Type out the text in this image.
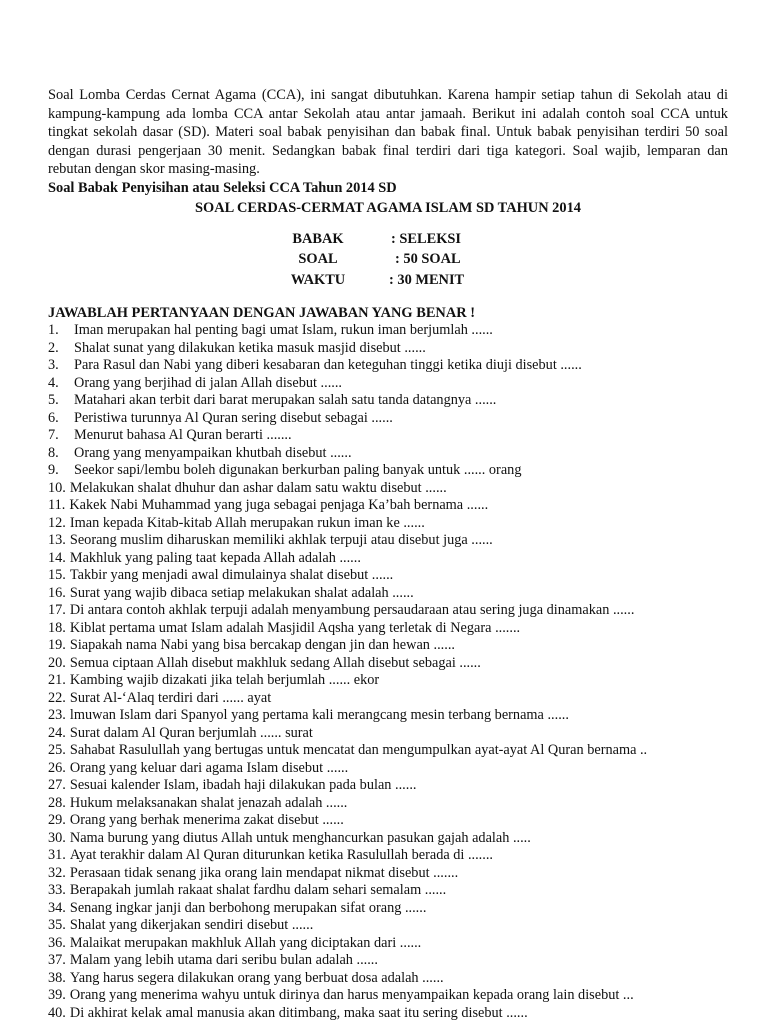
Soal Lomba Cerdas Cernat Agama (CCA), ini sangat dibutuhkan. Karena hampir setiap tahun di Sekolah atau di kampung-kampung ada lomba CCA antar Sekolah atau antar jamaah. Berikut ini adalah contoh soal CCA untuk tingkat sekolah dasar (SD). Materi soal babak penyisihan dan babak final. Untuk babak penyisihan terdiri 50 soal dengan durasi pengerjaan 30 menit. Sedangkan babak final terdiri dari tiga kategori. Soal wajib, lemparan dan rebutan dengan skor masing-masing.

Soal Babak Penyisihan atau Seleksi CCA Tahun 2014 SD
SOAL CERDAS-CERMAT AGAMA ISLAM SD TAHUN 2014
BABAK	: SELEKSI
SOAL	: 50 SOAL
WAKTU	: 30 MENIT
JAWABLAH PERTANYAAN DENGAN JAWABAN YANG BENAR !
1. Iman merupakan hal penting bagi umat Islam, rukun iman berjumlah ......
2. Shalat sunat yang dilakukan ketika masuk masjid disebut ......
3. Para Rasul dan Nabi yang diberi kesabaran dan keteguhan tinggi ketika diuji disebut ......
4. Orang yang berjihad di jalan Allah disebut ......
5. Matahari akan terbit dari barat merupakan salah satu tanda datangnya ......
6. Peristiwa turunnya Al Quran sering disebut sebagai ......
7. Menurut bahasa Al Quran berarti .......
8. Orang yang menyampaikan khutbah disebut ......
9. Seekor sapi/lembu boleh digunakan berkurban paling banyak untuk ...... orang
10. Melakukan shalat dhuhur dan ashar dalam satu waktu disebut ......
11. Kakek Nabi Muhammad yang juga sebagai penjaga Ka’bah bernama ......
12. Iman kepada Kitab-kitab Allah merupakan rukun iman ke ......
13. Seorang muslim diharuskan memiliki akhlak terpuji atau disebut juga ......
14. Makhluk yang paling taat kepada Allah adalah ......
15. Takbir yang menjadi awal dimulainya shalat disebut ......
16. Surat yang wajib dibaca setiap melakukan shalat adalah ......
17. Di antara contoh akhlak terpuji adalah menyambung persaudaraan atau sering juga dinamakan ......
18. Kiblat pertama umat Islam adalah Masjidil Aqsha yang terletak di Negara .......
19. Siapakah nama Nabi yang bisa bercakap dengan jin dan hewan ......
20. Semua ciptaan Allah disebut makhluk sedang Allah disebut sebagai ......
21. Kambing wajib dizakati jika telah berjumlah ...... ekor
22. Surat Al-‘Alaq terdiri dari ...... ayat
23. lmuwan Islam dari Spanyol yang pertama kali merangcang mesin terbang bernama ......
24. Surat dalam Al Quran berjumlah ...... surat
25. Sahabat Rasulullah yang bertugas untuk mencatat dan mengumpulkan ayat-ayat Al Quran bernama ..
26. Orang yang keluar dari agama Islam disebut ......
27. Sesuai kalender Islam, ibadah haji dilakukan pada bulan ......
28. Hukum melaksanakan shalat jenazah adalah ......
29. Orang yang berhak menerima zakat disebut ......
30. Nama burung yang diutus Allah untuk menghancurkan pasukan gajah adalah .....
31. Ayat terakhir dalam Al Quran diturunkan ketika Rasulullah berada di .......
32. Perasaan tidak senang jika orang lain mendapat nikmat disebut .......
33. Berapakah jumlah rakaat shalat fardhu dalam sehari semalam ......
34. Senang ingkar janji dan berbohong merupakan sifat orang ......
35. Shalat yang dikerjakan sendiri disebut ......
36. Malaikat merupakan makhluk Allah yang diciptakan dari ......
37. Malam yang lebih utama dari seribu bulan adalah ......
38. Yang harus segera dilakukan orang yang berbuat dosa adalah ......
39. Orang yang menerima wahyu untuk dirinya dan harus menyampaikan kepada orang lain disebut ...
40. Di akhirat kelak amal manusia akan ditimbang, maka saat itu sering disebut ......
